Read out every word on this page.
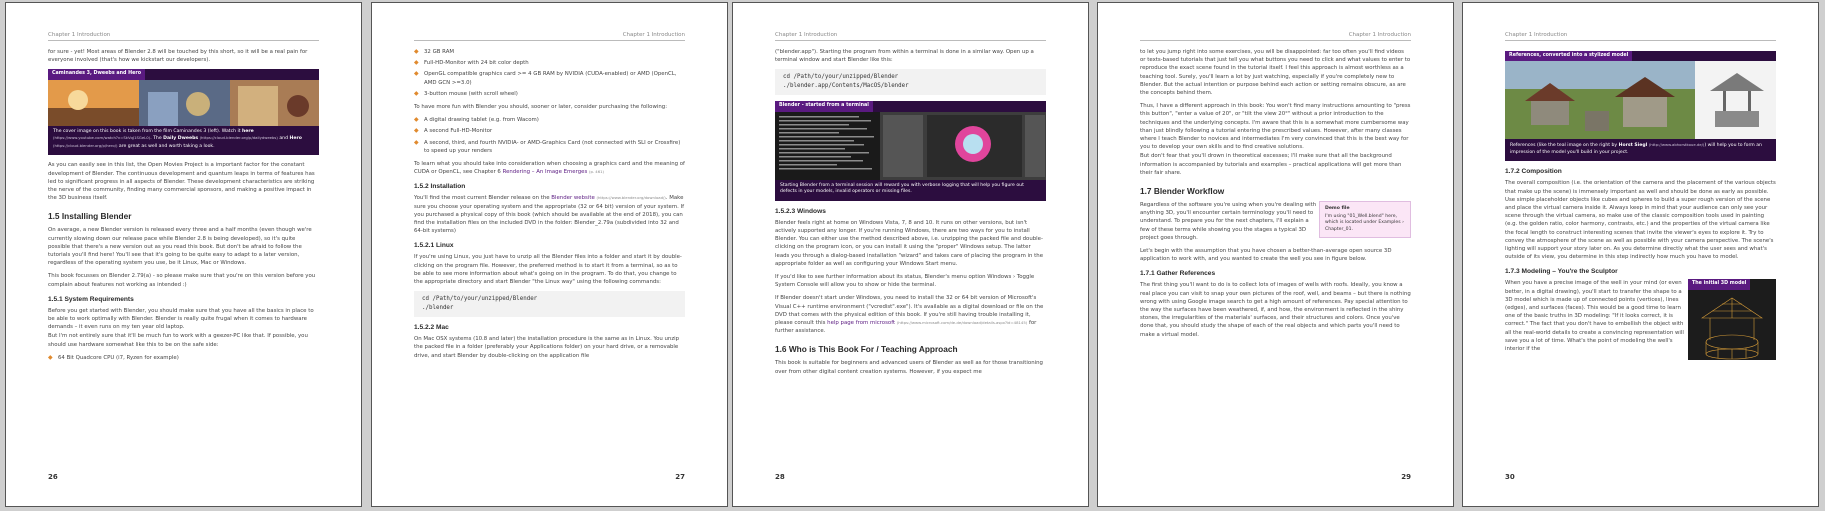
Chapter 1 Introduction

for sure - yet! Most areas of Blender 2.8 will be touched by this short, so it will be a real pain for everyone involved (that's how we kickstart our developers).

Caminandes 3, Dweebs and Hero
The cover image on this book is taken from the film Caminandes 3 (left). Watch it here (https://www.youtube.com/watch?v=SkVqJ1SGeL0). The Daily Dweebs (https://cloud.blender.org/p/dailydweebs) and Hero (https://cloud.blender.org/p/hero/) are great as well and worth taking a look.

As you can easily see in this list, the Open Movies Project is a important factor for the constant development of Blender. The continuous development and quantum leaps in terms of features has led to significant progress in all aspects of Blender. These development characteristics are striking the nerve of the community, finding many commercial sponsors, and making a positive impact in the 3D business itself.

1.5 Installing Blender

On average, a new Blender version is released every three and a half months (even though we're currently slowing down our release pace while Blender 2.8 is being developed), so it's quite possible that there's a new version out as you read this book. But don't be afraid to follow the tutorials you'll find here! You'll see that it's going to be quite easy to adapt to a later version, regardless of the operating system you use, be it Linux, Mac or Windows.

This book focusses on Blender 2.79(a) - so please make sure that you're on this version before you complain about features not working as intended :)

1.5.1 System Requirements

Before you get started with Blender, you should make sure that you have all the basics in place to be able to work optimally with Blender. Blender is really quite frugal when it comes to hardware demands – it even runs on my ten year old laptop.

But I'm not entirely sure that it'll be much fun to work with a geezer-PC like that. If possible, you should use hardware somewhat like this to be on the safe side:

◆ 64 Bit Quadcore CPU (i7, Ryzen for example)
26
Chapter 1 Introduction
◆ 32 GB RAM
◆ Full-HD-Monitor with 24 bit color depth
◆ OpenGL compatible graphics card >= 4 GB RAM by NVIDIA (CUDA-enabled) or AMD (OpenCL, AMD GCN >=3.0)
◆ 3-button mouse (with scroll wheel)

To have more fun with Blender you should, sooner or later, consider purchasing the following:

◆ A digital drawing tablet (e.g. from Wacom)
◆ A second Full-HD-Monitor
◆ A second, third, and fourth NVIDIA- or AMD-Graphics Card (not connected with SLI or Crossfire) to speed up your renders

To learn what you should take into consideration when choosing a graphics card and the meaning of CUDA or OpenCL, see Chapter 6 Rendering – An Image Emerges (p. 461)

1.5.2 Installation

You'll find the most current Blender release on the Blender website (https://www.blender.org/download/). Make sure you choose your operating system and the appropriate (32 or 64 bit) version of your system. If you purchased a physical copy of this book (which should be available at the end of 2018), you can find the installation files on the included DVD in the folder: Blender_2.79a (subdivided into 32 and 64-bit systems)

1.5.2.1 Linux

If you're using Linux, you just have to unzip all the Blender files into a folder and start it by double-clicking on the program file. However, the preferred method is to start it from a terminal, so as to be able to see more information about what's going on in the program. To do that, you change to the appropriate directory and start Blender "the Linux way" using the following commands:

cd /Path/to/your/unzipped/Blender
./blender
1.5.2.2 Mac

On Mac OSX systems (10.8 and later) the installation procedure is the same as in Linux. You unzip the packed file in a folder (preferably your Applications folder) on your hard drive, or a removable drive, and start Blender by double-clicking on the application file

27
Chapter 1 Introduction

("blender.app"). Starting the program from within a terminal is done in a similar way. Open up a terminal window and start Blender like this:

cd /Path/to/your/unzipped/Blender
./blender.app/Contents/MacOS/blender
Blender - started from a terminal
Starting Blender from a terminal session will reward you with verbose logging that will help you figure out defects in your models, invalid operators or missing files.
1.5.2.3 Windows

Blender feels right at home on Windows Vista, 7, 8 and 10. It runs on other versions, but isn't actively supported any longer. If you're running Windows, there are two ways for you to install Blender. You can either use the method described above, i.e. unzipping the packed file and double-clicking on the program icon, or you can install it using the "proper" Windows setup. The latter leads you through a dialog-based installation "wizard" and takes care of placing the program in the appropriate folder as well as configuring your Windows Start menu.

If you'd like to see further information about its status, Blender's menu option Windows › Toggle System Console will allow you to show or hide the terminal.

If Blender doesn't start under Windows, you need to install the 32 or 64 bit version of Microsoft's Visual C++ runtime environment ("vcredist".exe"). It's available as a digital download or file on the DVD that comes with the physical edition of this book. If you're still having trouble installing it, please consult this help page from microsoft (https://www.microsoft.com/de-de/download/details.aspx?id=48145) for further assistance.

1.6 Who is This Book For / Teaching Approach

This book is suitable for beginners and advanced users of Blender as well as for those transitioning over from other digital content creation systems. However, if you expect me

28
Chapter 1 Introduction

to let you jump right into some exercises, you will be disappointed: far too often you'll find videos or texts-based tutorials that just tell you what buttons you need to click and what values to enter to reproduce the exact scene found in the tutorial itself. I feel this approach is almost worthless as a teaching tool. Surely, you'll learn a lot by just watching, especially if you're completely new to Blender. But the actual intention or purpose behind each action or setting remains obscure, as are the concepts behind them.

Thus, I have a different approach in this book: You won't find many instructions amounting to "press this button", "enter a value of 20", or "tilt the view 20°" without a prior introduction to the techniques and the underlying concepts. I'm aware that this is a somewhat more cumbersome way than just blindly following a tutorial entering the prescribed values. However, after many classes where I teach Blender to novices and intermediates I'm very convinced that this is the best way for you to develop your own skills and to find creative solutions.

But don't fear that you'll drown in theoretical excesses; I'll make sure that all the background information is accompanied by tutorials and examples – practical applications will get more than their fair share.

1.7 Blender Workflow

Regardless of the software you're using when you're dealing with anything 3D, you'll encounter certain terminology you'll need to understand. To prepare you for the next chapters, I'll explain a few of these terms while showing you the stages a typical 3D project goes through.

Demo file
I'm using "01_Well.blend" here, which is located under Examples › Chapter_01.

Let's begin with the assumption that you have chosen a better-than-average open source 3D application to work with, and you wanted to create the well you see in figure below.

1.7.1 Gather References

The first thing you'll want to do is to collect lots of images of wells with roofs. Ideally, you know a real place you can visit to snap your own pictures of the roof, well, and beams – but there is nothing wrong with using Google image search to get a high amount of references. Pay special attention to the way the surfaces have been weathered, if, and how, the environment is reflected in the shiny stones, the irregularities of the materials' surfaces, and their structures and colors. Once you've done that, you should study the shape of each of the real objects and which parts you'll need to make a virtual model.

29
Chapter 1 Introduction
References, converted into a stylized model
References (like the teal image on the right by Horst Siegl (http://www.abhorstkoue.de/)) will help you to form an impression of the model you'll build in your project.
1.7.2 Composition

The overall composition (i.e. the orientation of the camera and the placement of the various objects that make up the scene) is immensely important as well and should be done as early as possible. Use simple placeholder objects like cubes and spheres to build a super rough version of the scene and place the virtual camera inside it. Always keep in mind that your audience can only see your scene through the virtual camera, so make use of the classic composition tools used in painting (e.g. the golden ratio, color harmony, contrasts, etc.) and the properties of the virtual camera like the focal length to construct interesting scenes that invite the viewer's eyes to explore it. Try to convey the atmosphere of the scene as well as possible with your camera perspective. The scene's lighting will support your story later on. As you determine directly what the user sees and what's outside of its view, you determine in this step indirectly how much you have to model.

1.7.3 Modeling – You're the Sculptor

When you have a precise image of the well in your mind (or even better, in a digital drawing), you'll start to transfer the shape to a 3D model which is made up of connected points (vertices), lines (edges), and surfaces (faces). This would be a good time to learn one of the basic truths in 3D modeling: "If it looks correct, it is correct." The fact that you don't have to embellish the object with all the real-world details to create a convincing representation will save you a lot of time. What's the point of modeling the well's interior if the

The initial 3D model
30
